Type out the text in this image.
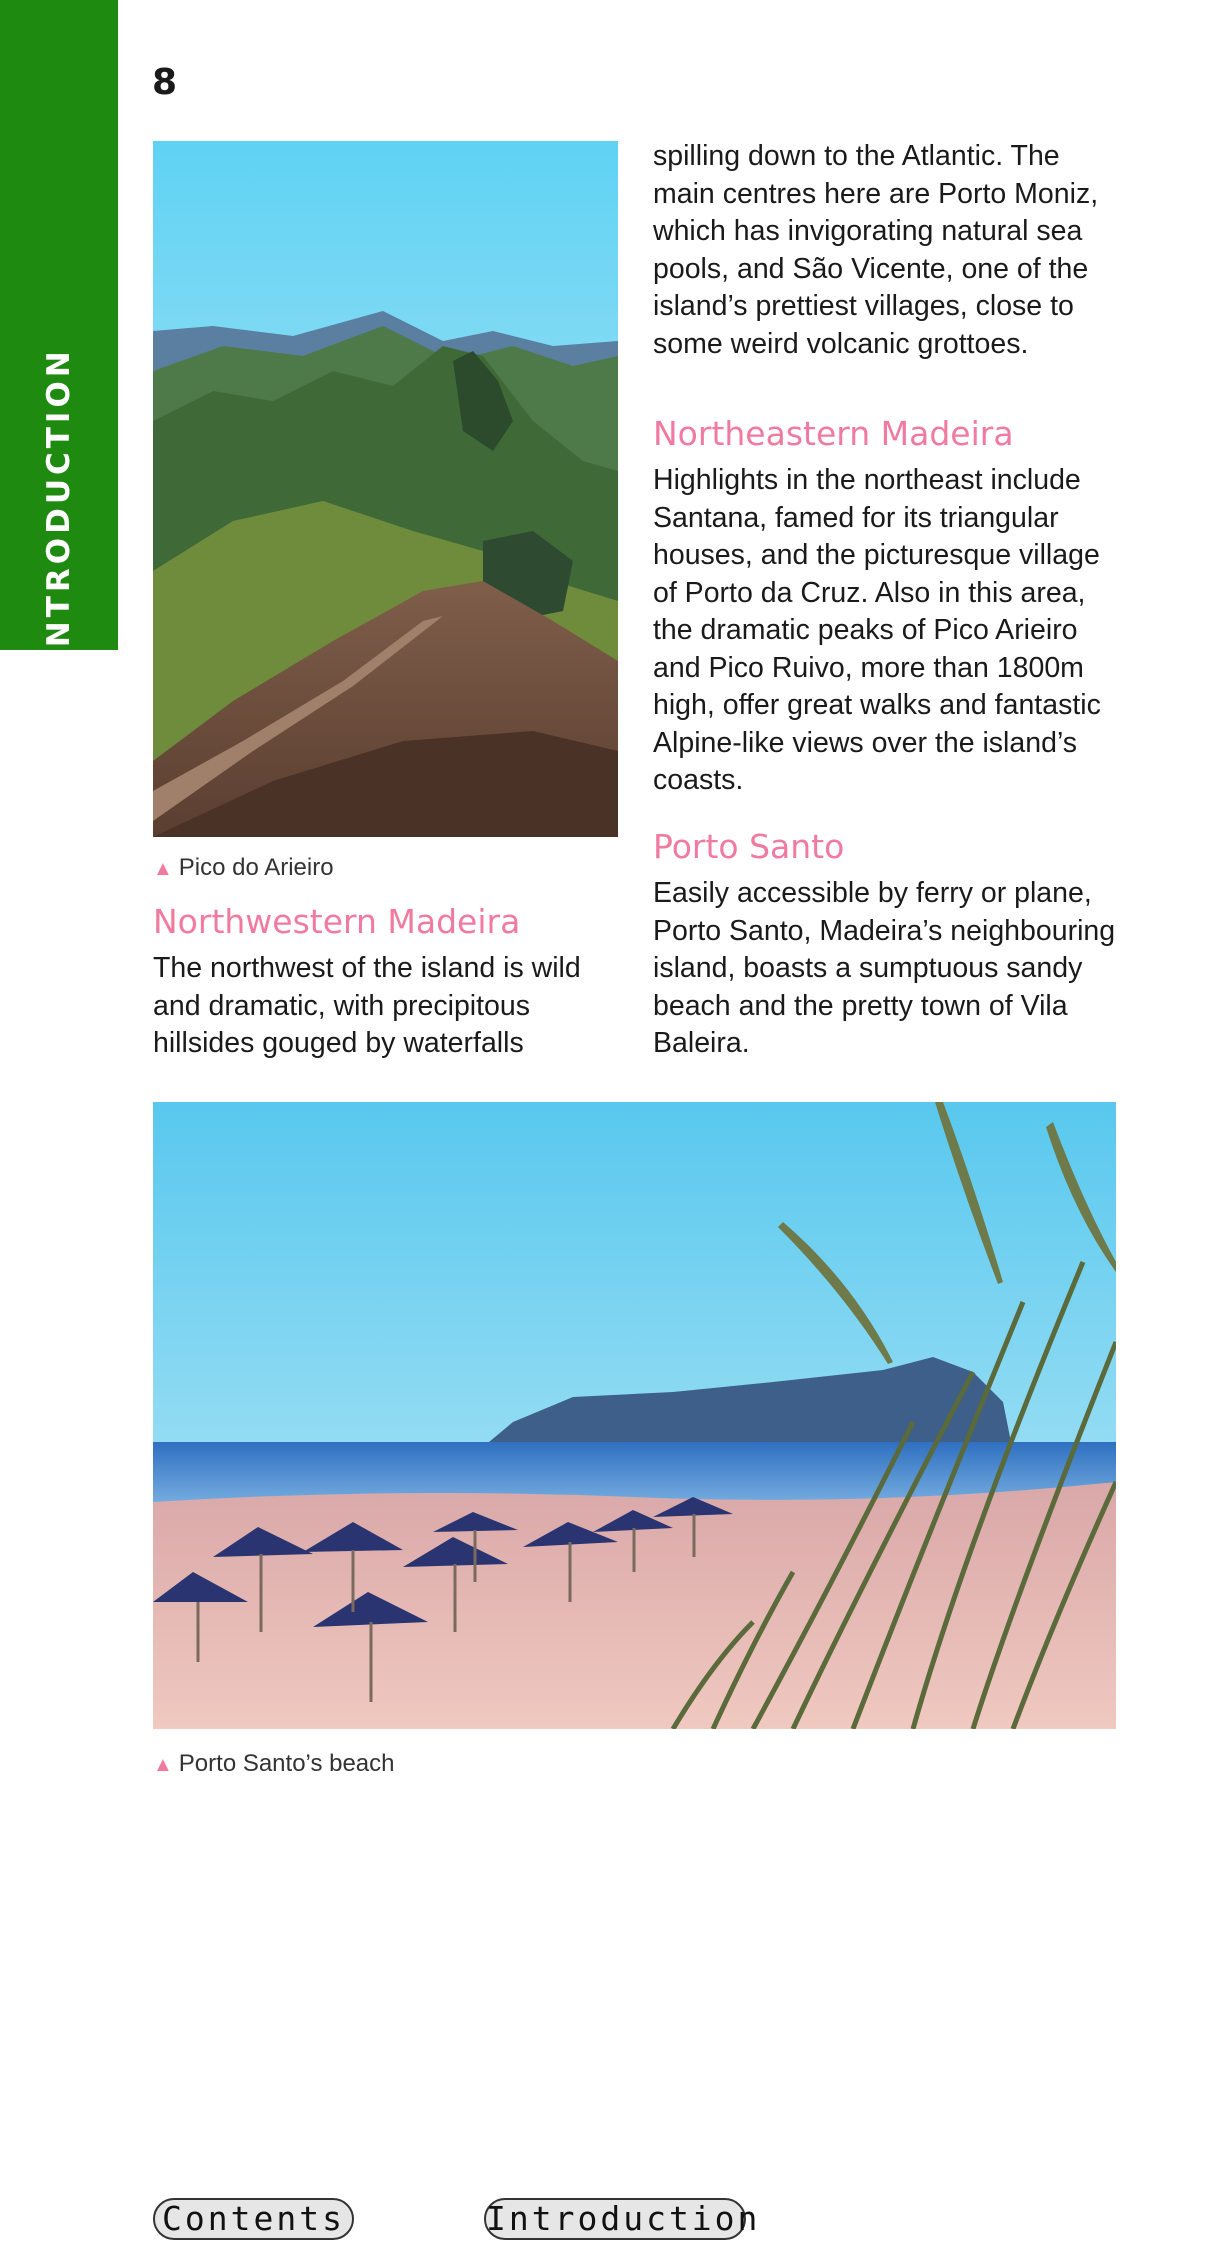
INTRODUCTION
8
▲ Pico do Arieiro
Northwestern Madeira

The northwest of the island is wild and dramatic, with precipitous hillsides gouged by waterfalls

spilling down to the Atlantic. The main centres here are Porto Moniz, which has invigorating natural sea pools, and São Vicente, one of the island’s prettiest villages, close to some weird volcanic grottoes.

Northeastern Madeira

Highlights in the northeast include Santana, famed for its triangular houses, and the picturesque village of Porto da Cruz. Also in this area, the dramatic peaks of Pico Arieiro and Pico Ruivo, more than 1800m high, offer great walks and fantastic Alpine-like views over the island’s coasts.

Porto Santo

Easily accessible by ferry or plane, Porto Santo, Madeira’s neighbouring island, boasts a sumptuous sandy beach and the pretty town of Vila Baleira.

▲ Porto Santo’s beach
Contents	Introduction
